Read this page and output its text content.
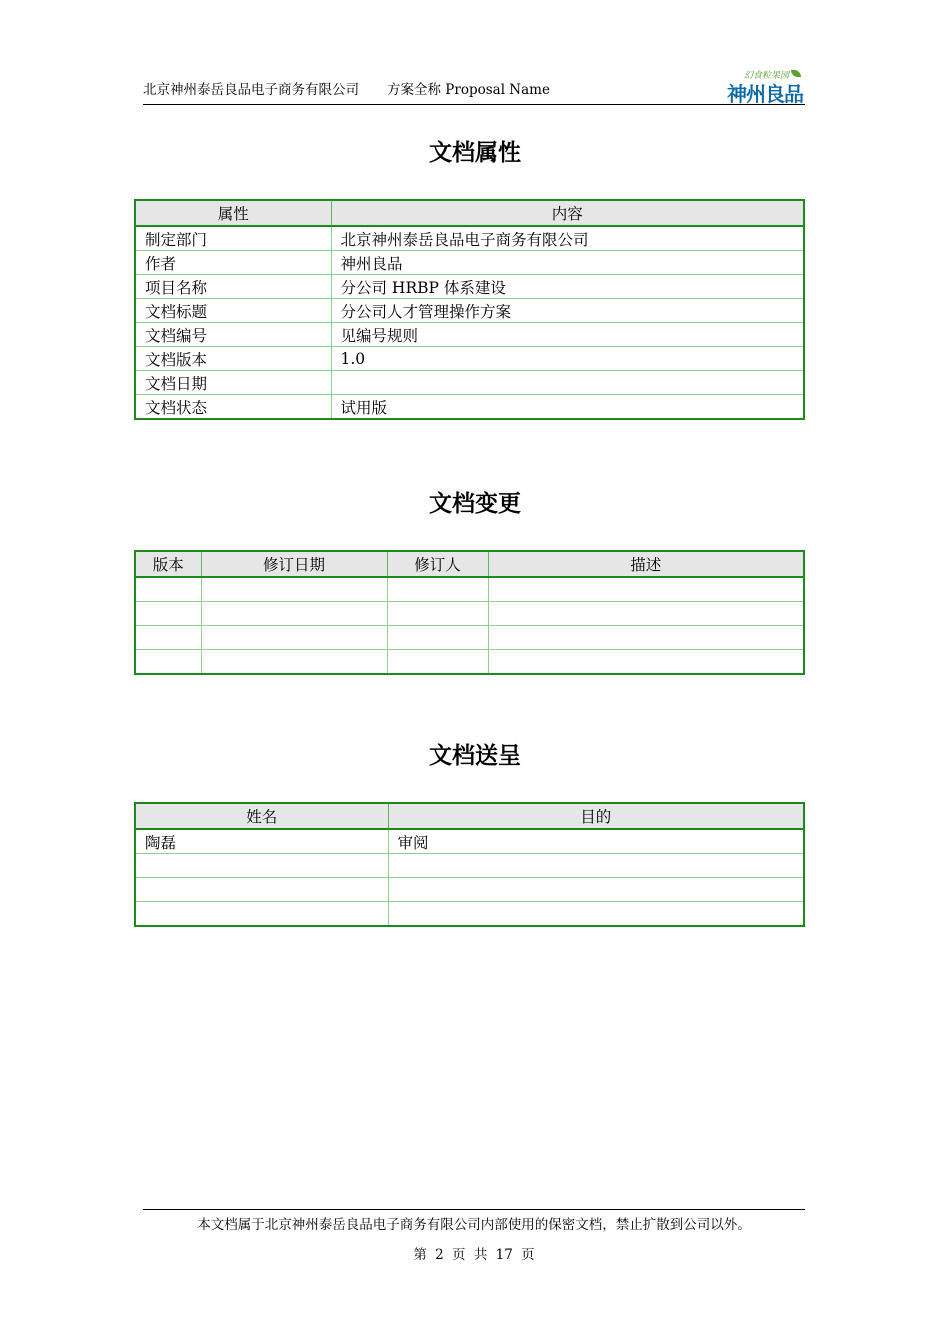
北京神州泰岳良品电子商务有限公司 方案全称 Proposal Name
幻食粒果园
神州良品
文档属性
属性	内容
制定部门	北京神州泰岳良品电子商务有限公司
作者	神州良品
项目名称	分公司 HRBP 体系建设
文档标题	分公司人才管理操作方案
文档编号	见编号规则
文档版本	1.0
文档日期	
文档状态	试用版
文档变更
版本	修订日期	修订人	描述

文档送呈
姓名	目的
陶磊	审阅

本文档属于北京神州泰岳良品电子商务有限公司内部使用的保密文档，禁止扩散到公司以外。
第 2 页 共 17 页
